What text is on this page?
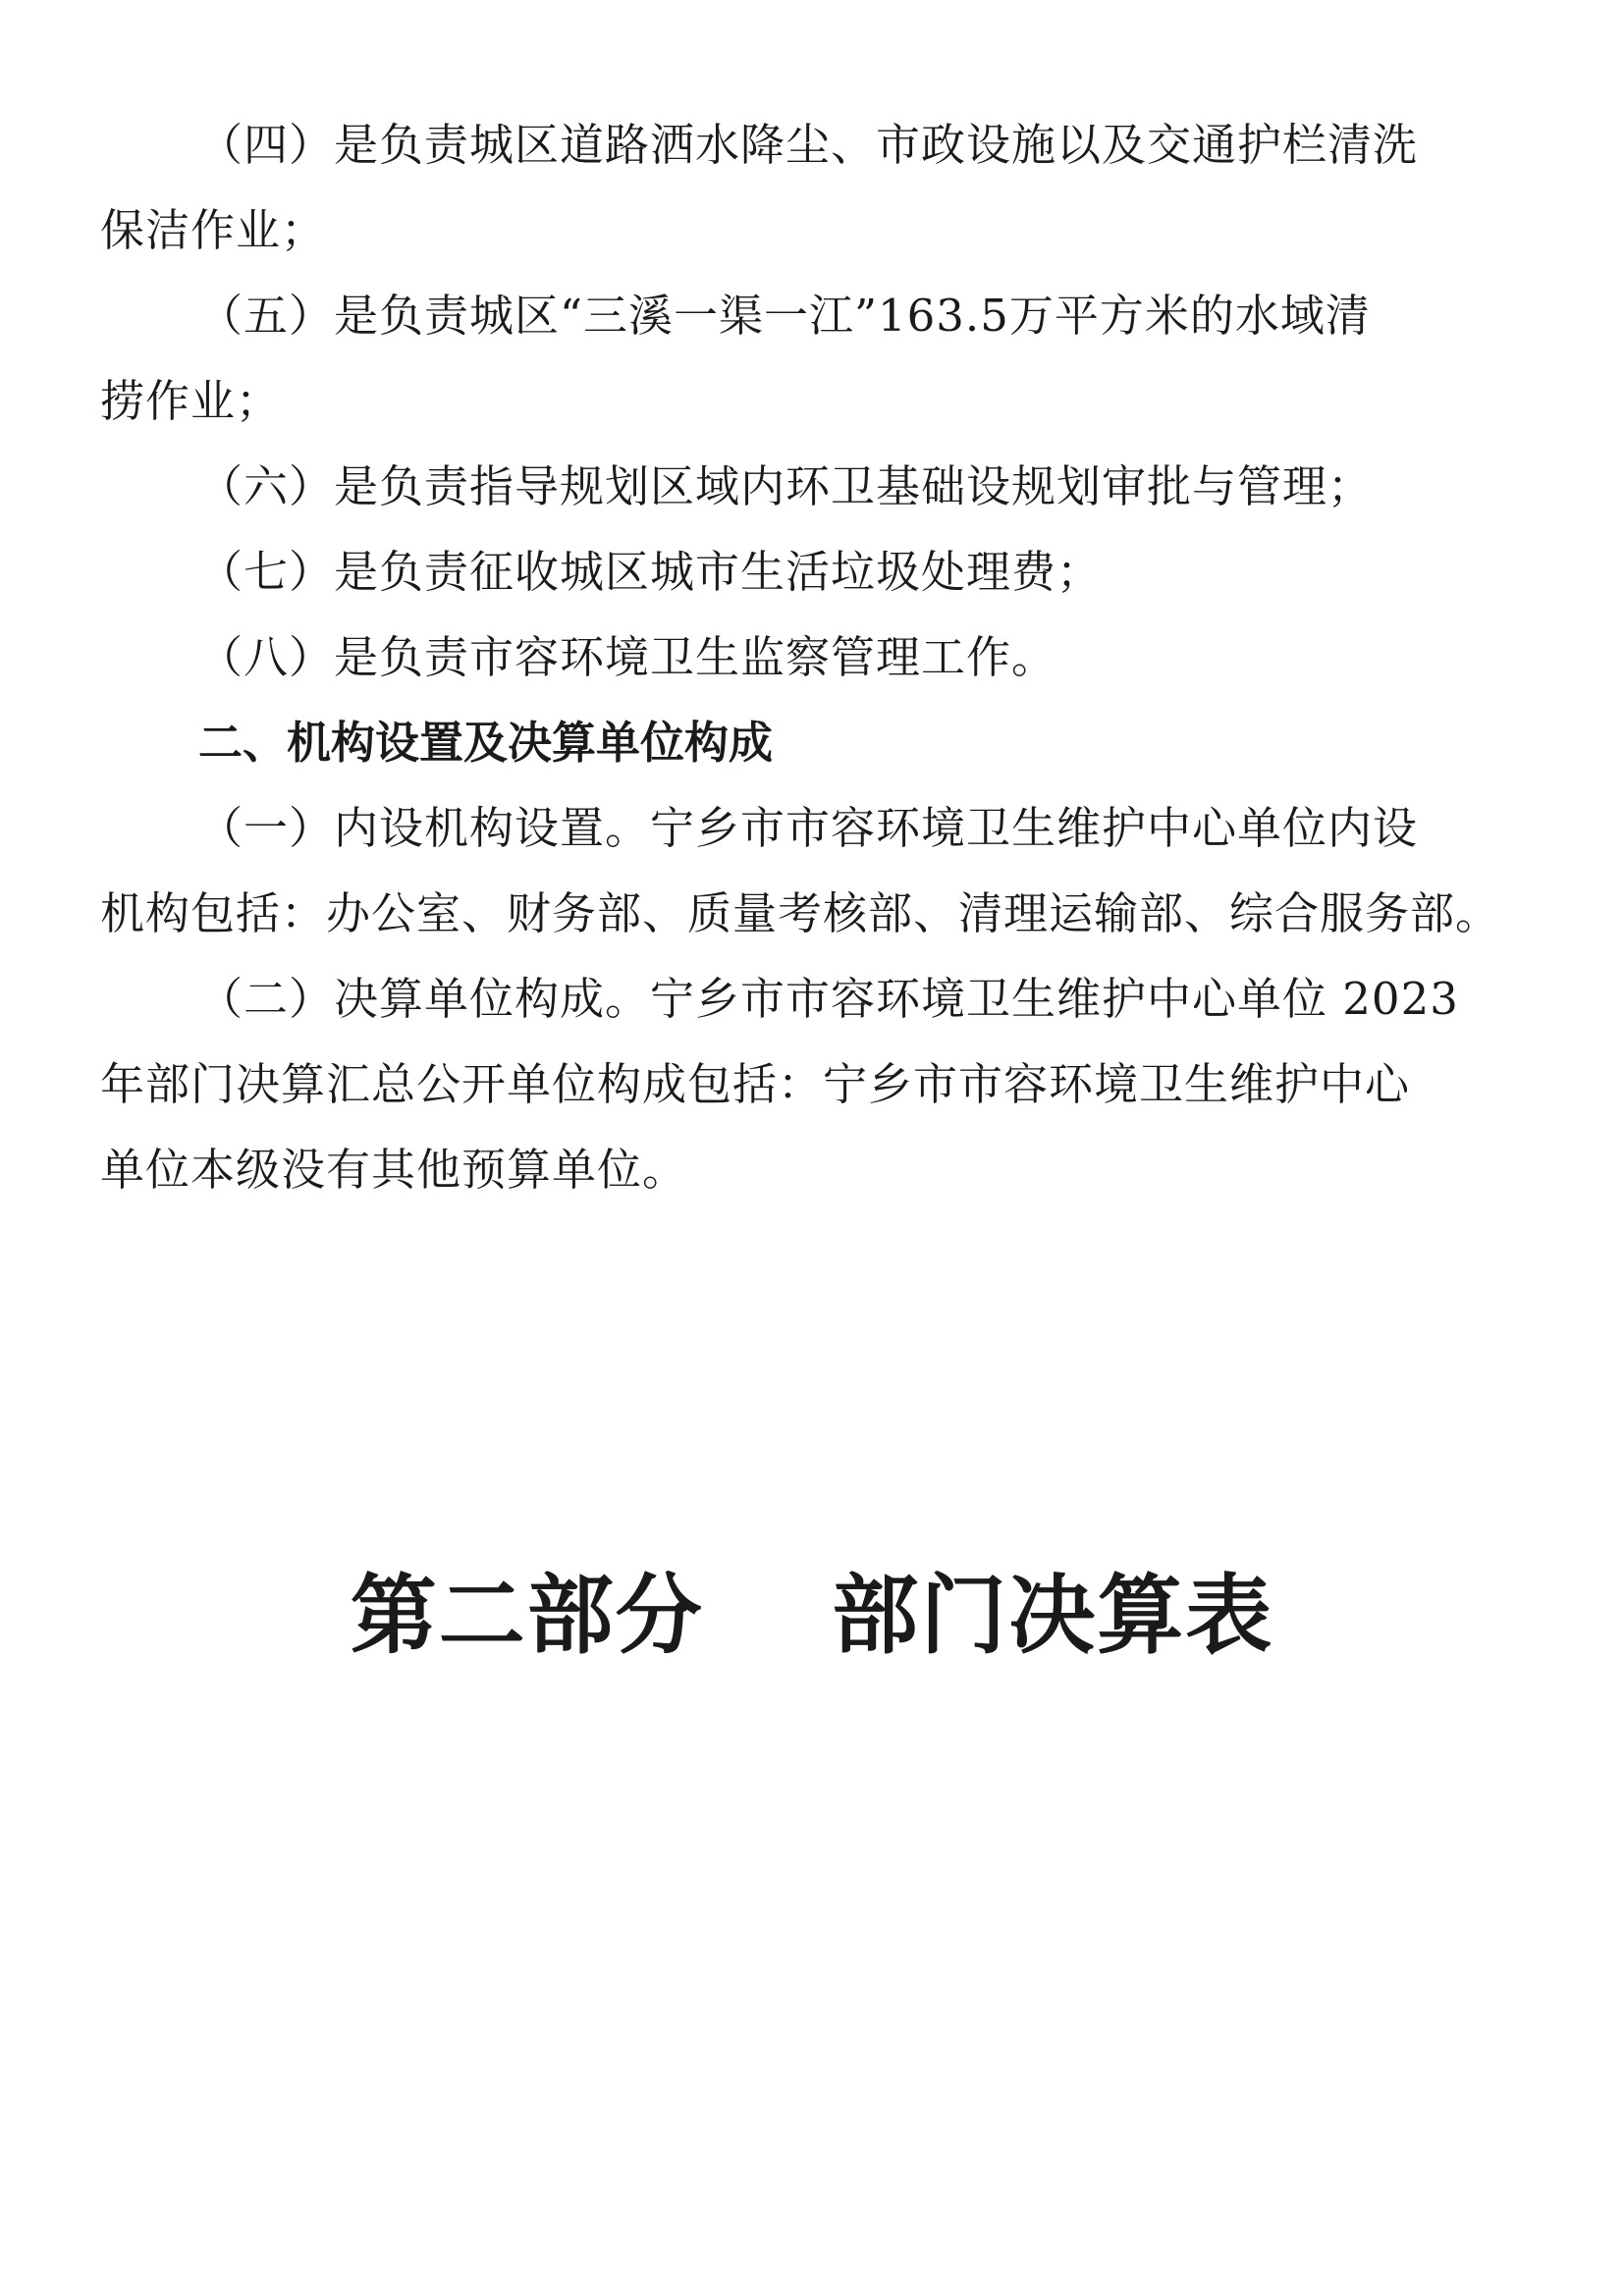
（四）是负责城区道路洒水降尘、市政设施以及交通护栏清洗
保洁作业；
（五）是负责城区“三溪一渠一江”163.5万平方米的水域清
捞作业；
（六）是负责指导规划区域内环卫基础设规划审批与管理；
（七）是负责征收城区城市生活垃圾处理费；
（八）是负责市容环境卫生监察管理工作。
二、机构设置及决算单位构成
（一）内设机构设置。宁乡市市容环境卫生维护中心单位内设
机构包括：办公室、财务部、质量考核部、清理运输部、综合服务部。
（二）决算单位构成。宁乡市市容环境卫生维护中心单位 2023
年部门决算汇总公开单位构成包括：宁乡市市容环境卫生维护中心
单位本级没有其他预算单位。
第二部分    部门决算表
